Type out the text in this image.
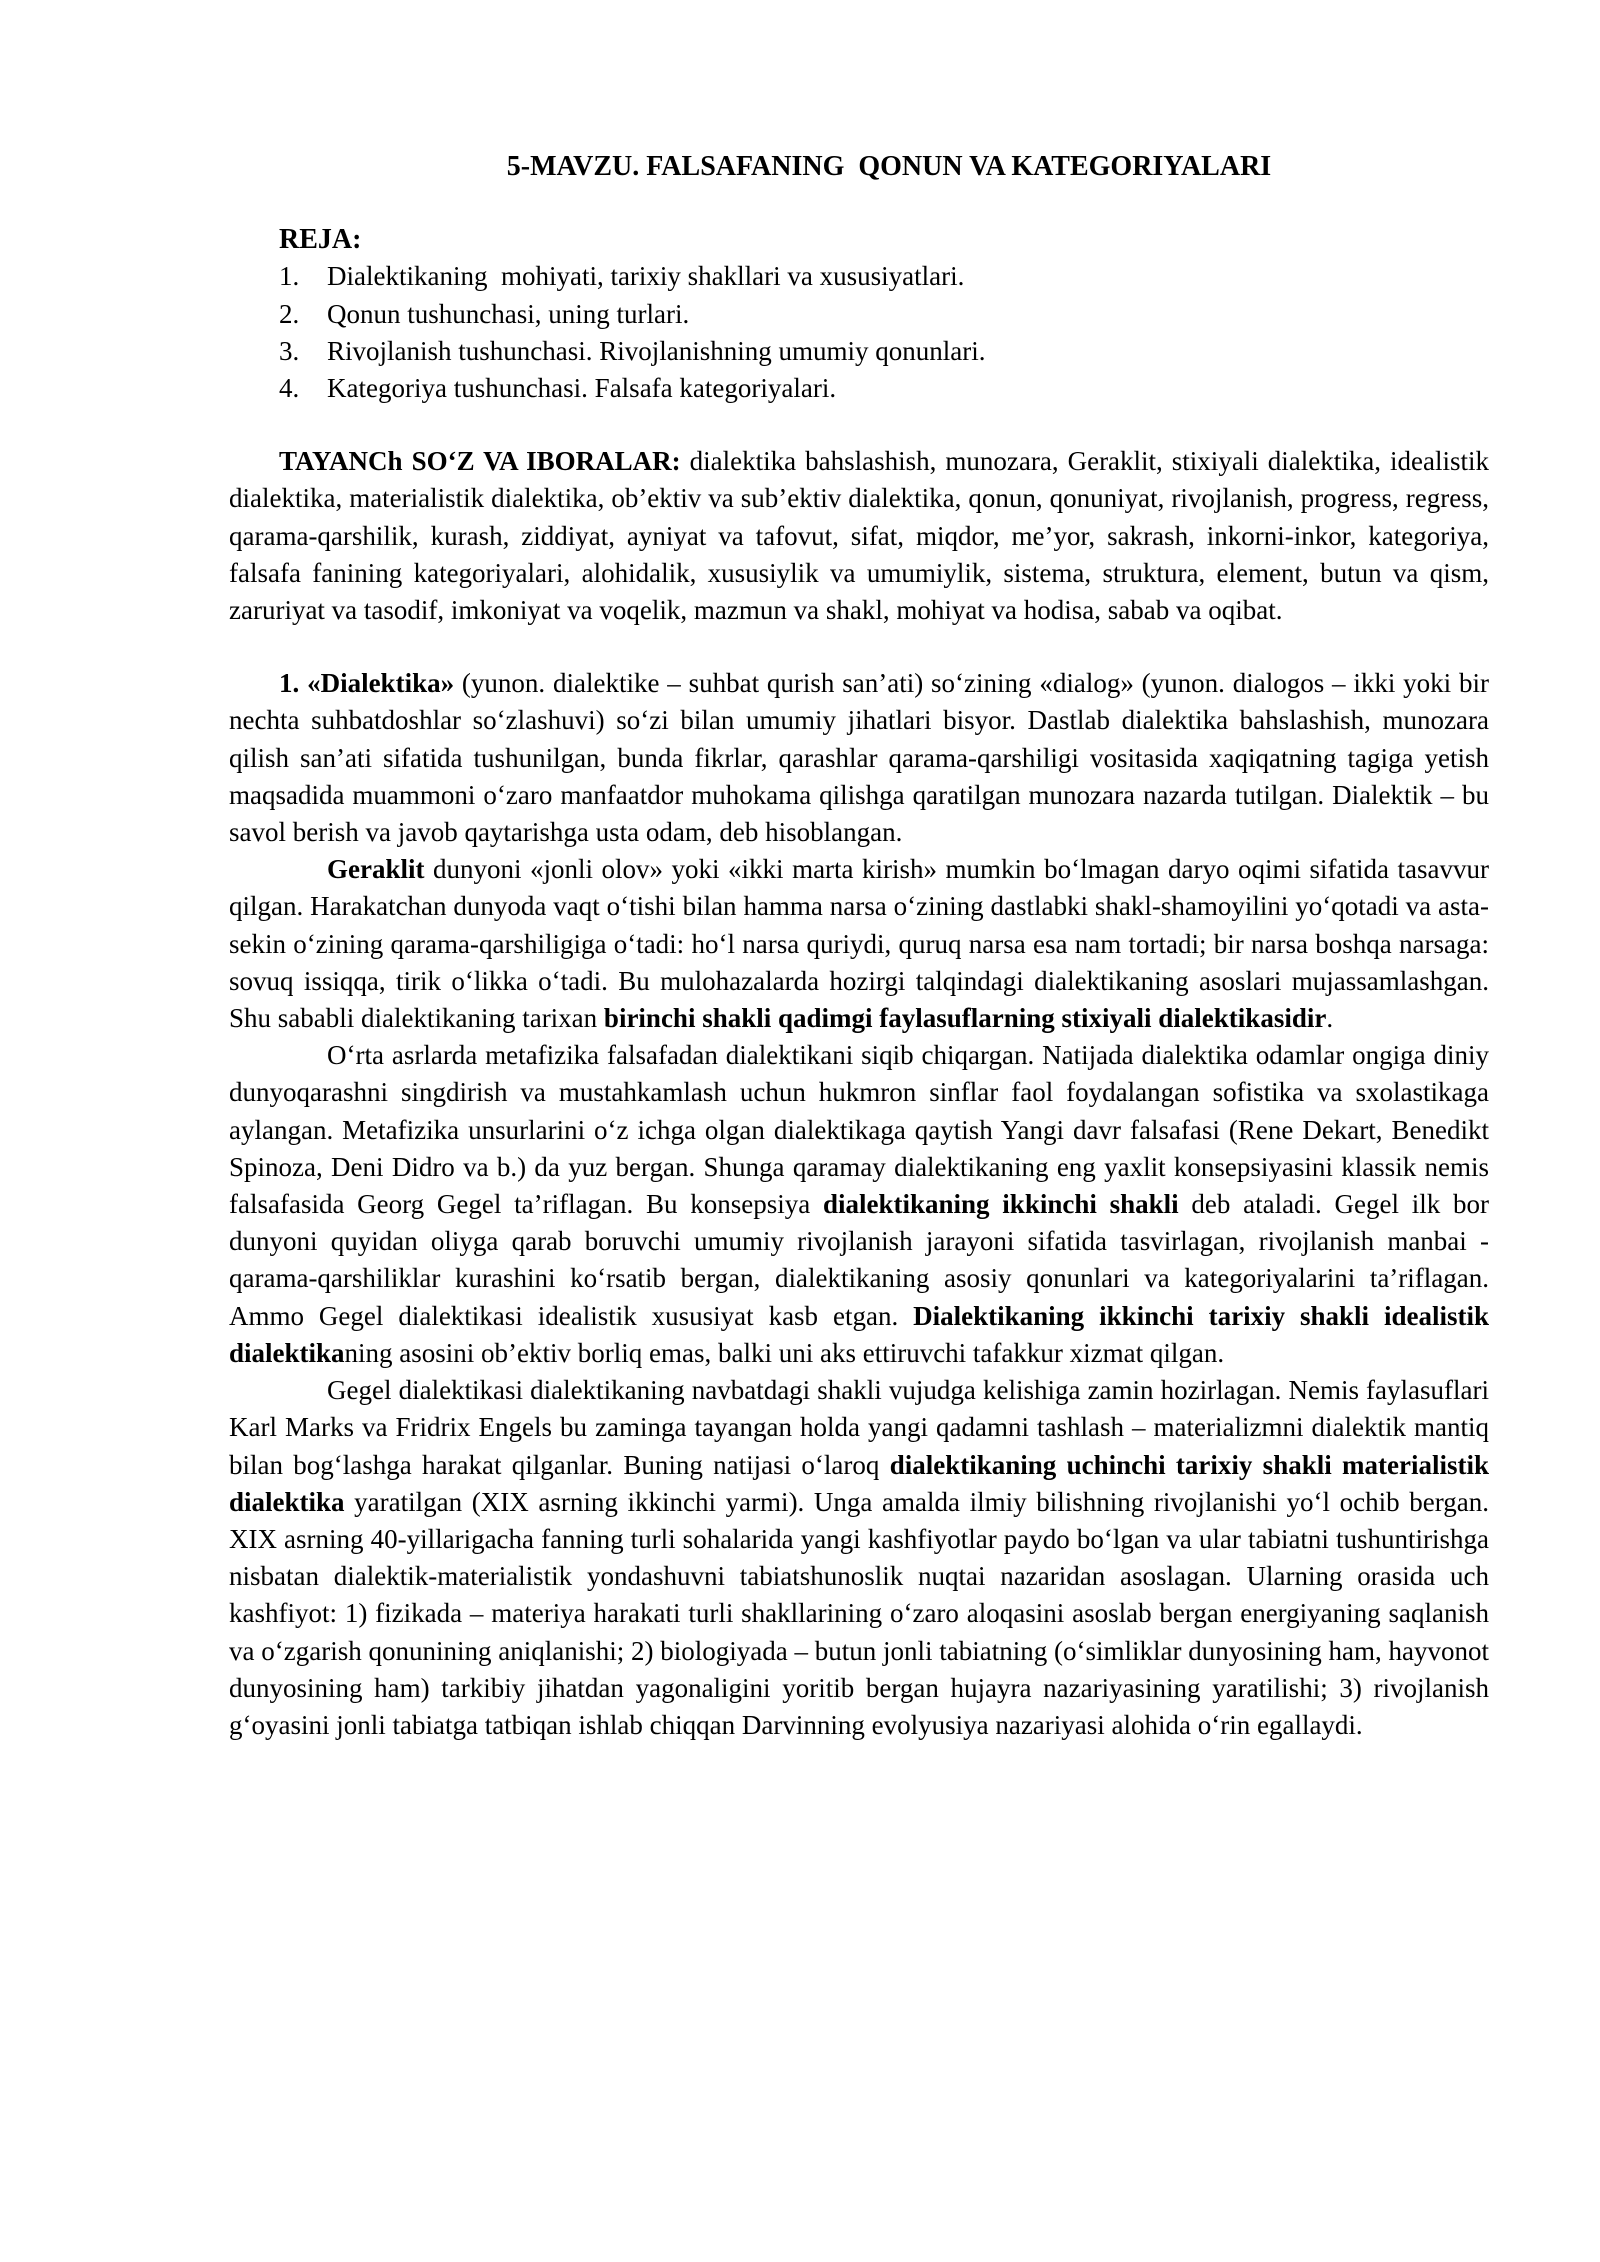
5-MAVZU. FALSAFANING  QONUN VA KATEGORIYALARI
REJA:
1.	Dialektikaning  mohiyati, tarixiy shakllari va xususiyatlari.
2.	Qonun tushunchasi, uning turlari.
3.	Rivojlanish tushunchasi. Rivojlanishning umumiy qonunlari.
4.	Kategoriya tushunchasi. Falsafa kategoriyalari.

TAYANCh SO‘Z VA IBORALAR: dialektika bahslashish, munozara, Geraklit, stixiyali dialektika, idealistik dialektika, materialistik dialektika, ob’ektiv va sub’ektiv dialektika, qonun, qonuniyat, rivojlanish, progress, regress, qarama-qarshilik, kurash, ziddiyat, ayniyat va tafovut, sifat, miqdor, me’yor, sakrash, inkorni-inkor, kategoriya, falsafa fanining kategoriyalari, alohidalik, xususiylik va umumiylik, sistema, struktura, element, butun va qism, zaruriyat va tasodif, imkoniyat va voqelik, mazmun va shakl, mohiyat va hodisa, sabab va oqibat.

1. «Dialektika» (yunon. dialektike – suhbat qurish san’ati) so‘zining «dialog» (yunon. dialogos – ikki yoki bir nechta suhbatdoshlar so‘zlashuvi) so‘zi bilan umumiy jihatlari bisyor. Dastlab dialektika bahslashish, munozara qilish san’ati sifatida tushunilgan, bunda fikrlar, qarashlar qarama-qarshiligi vositasida xaqiqatning tagiga yetish maqsadida muammoni o‘zaro manfaatdor muhokama qilishga qaratilgan munozara nazarda tutilgan. Dialektik – bu savol berish va javob qaytarishga usta odam, deb hisoblangan.

Geraklit dunyoni «jonli olov» yoki «ikki marta kirish» mumkin bo‘lmagan daryo oqimi sifatida tasavvur qilgan. Harakatchan dunyoda vaqt o‘tishi bilan hamma narsa o‘zining dastlabki shakl-shamoyilini yo‘qotadi va asta-sekin o‘zining qarama-qarshiligiga o‘tadi: ho‘l narsa quriydi, quruq narsa esa nam tortadi; bir narsa boshqa narsaga: sovuq issiqqa, tirik o‘likka o‘tadi. Bu mulohazalarda hozirgi talqindagi dialektikaning asoslari mujassamlashgan. Shu sababli dialektikaning tarixan birinchi shakli qadimgi faylasuflarning stixiyali dialektikasidir.

O‘rta asrlarda metafizika falsafadan dialektikani siqib chiqargan. Natijada dialektika odamlar ongiga diniy dunyoqarashni singdirish va mustahkamlash uchun hukmron sinflar faol foydalangan sofistika va sxolastikaga aylangan. Metafizika unsurlarini o‘z ichga olgan dialektikaga qaytish Yangi davr falsafasi (Rene Dekart, Benedikt Spinoza, Deni Didro va b.) da yuz bergan. Shunga qaramay dialektikaning eng yaxlit konsepsiyasini klassik nemis falsafasida Georg Gegel ta’riflagan. Bu konsepsiya dialektikaning ikkinchi shakli deb ataladi. Gegel ilk bor dunyoni quyidan oliyga qarab boruvchi umumiy rivojlanish jarayoni sifatida tasvirlagan, rivojlanish manbai - qarama-qarshiliklar kurashini ko‘rsatib bergan, dialektikaning asosiy qonunlari va kategoriyalarini ta’riflagan. Ammo Gegel dialektikasi idealistik xususiyat kasb etgan. Dialektikaning ikkinchi tarixiy shakli idealistik dialektikaning asosini ob’ektiv borliq emas, balki uni aks ettiruvchi tafakkur xizmat qilgan.

Gegel dialektikasi dialektikaning navbatdagi shakli vujudga kelishiga zamin hozirlagan. Nemis faylasuflari Karl Marks va Fridrix Engels bu zaminga tayangan holda yangi qadamni tashlash – materializmni dialektik mantiq bilan bog‘lashga harakat qilganlar. Buning natijasi o‘laroq dialektikaning uchinchi tarixiy shakli materialistik dialektika yaratilgan (XIX asrning ikkinchi yarmi). Unga amalda ilmiy bilishning rivojlanishi yo‘l ochib bergan. XIX asrning 40-yillarigacha fanning turli sohalarida yangi kashfiyotlar paydo bo‘lgan va ular tabiatni tushuntirishga nisbatan dialektik-materialistik yondashuvni tabiatshunoslik nuqtai nazaridan asoslagan. Ularning orasida uch kashfiyot: 1) fizikada – materiya harakati turli shakllarining o‘zaro aloqasini asoslab bergan energiyaning saqlanish va o‘zgarish qonunining aniqlanishi; 2) biologiyada – butun jonli tabiatning (o‘simliklar dunyosining ham, hayvonot dunyosining ham) tarkibiy jihatdan yagonaligini yoritib bergan hujayra nazariyasining yaratilishi; 3) rivojlanish g‘oyasini jonli tabiatga tatbiqan ishlab chiqqan Darvinning evolyusiya nazariyasi alohida o‘rin egallaydi.
